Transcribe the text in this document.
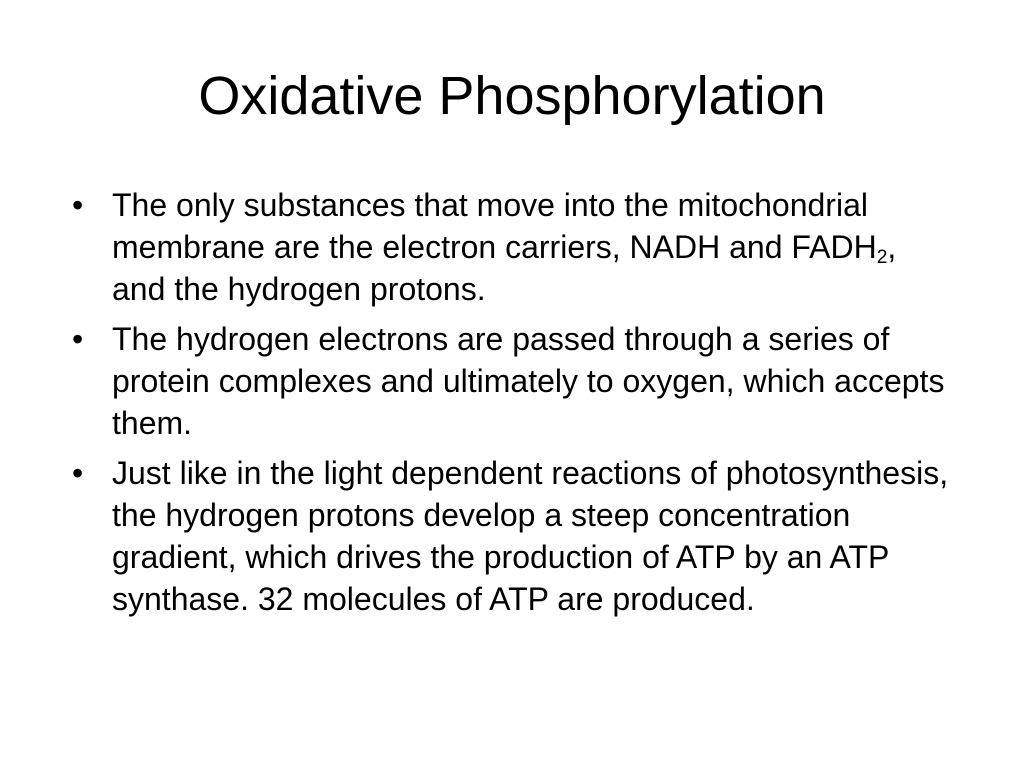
Oxidative Phosphorylation
• The only substances that move into the mitochondrial membrane are the electron carriers, NADH and $FADH_2$, and the hydrogen protons.
• The hydrogen electrons are passed through a series of protein complexes and ultimately to oxygen, which accepts them.
• Just like in the light dependent reactions of photosynthesis, the hydrogen protons develop a steep concentration gradient, which drives the production of ATP by an ATP synthase. 32 molecules of ATP are produced.
